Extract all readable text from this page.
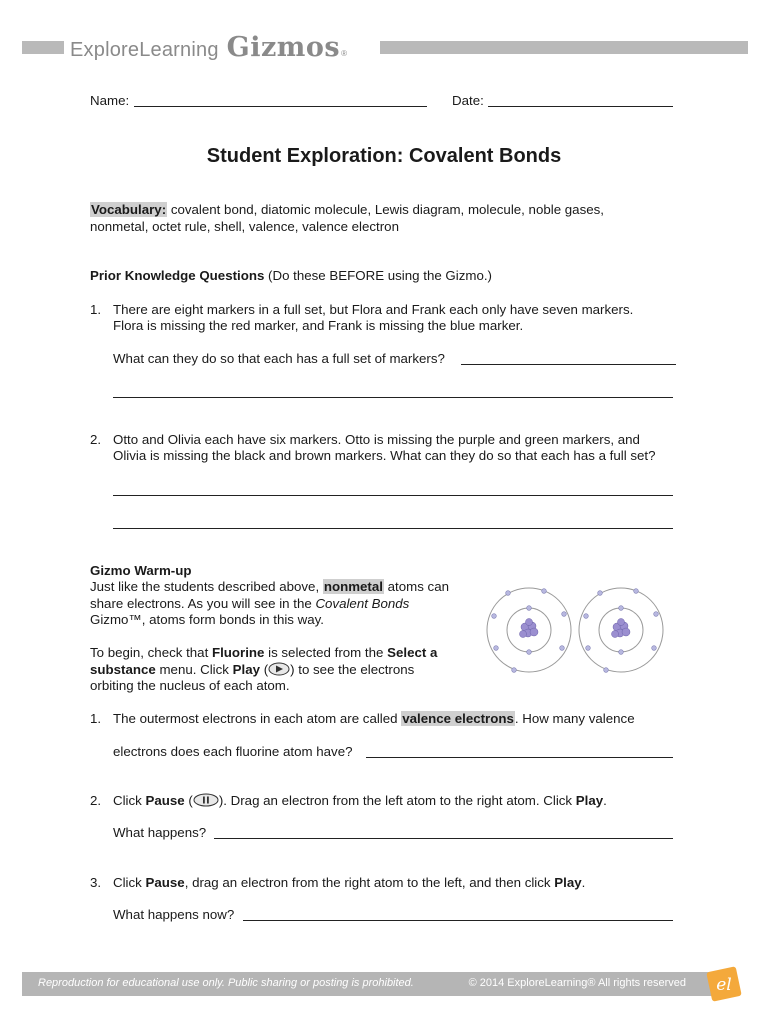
ExploreLearning Gizmos ®
Name:	Date:
Student Exploration: Covalent Bonds
Vocabulary: covalent bond, diatomic molecule, Lewis diagram, molecule, noble gases,
nonmetal, octet rule, shell, valence, valence electron
Prior Knowledge Questions (Do these BEFORE using the Gizmo.)
1. There are eight markers in a full set, but Flora and Frank each only have seven markers.
Flora is missing the red marker, and Frank is missing the blue marker.
What can they do so that each has a full set of markers?
2. Otto and Olivia each have six markers. Otto is missing the purple and green markers, and
Olivia is missing the black and brown markers. What can they do so that each has a full set?
Gizmo Warm-up
Just like the students described above, nonmetal atoms can
share electrons. As you will see in the Covalent Bonds
Gizmo™, atoms form bonds in this way.
To begin, check that Fluorine is selected from the Select a
substance menu. Click Play ( ) to see the electrons
orbiting the nucleus of each atom.
1. The outermost electrons in each atom are called valence electrons. How many valence
electrons does each fluorine atom have?
2. Click Pause ( ). Drag an electron from the left atom to the right atom. Click Play.
What happens?
3. Click Pause, drag an electron from the right atom to the left, and then click Play.
What happens now?
Reproduction for educational use only. Public sharing or posting is prohibited.	© 2014 ExploreLearning® All rights reserved el
